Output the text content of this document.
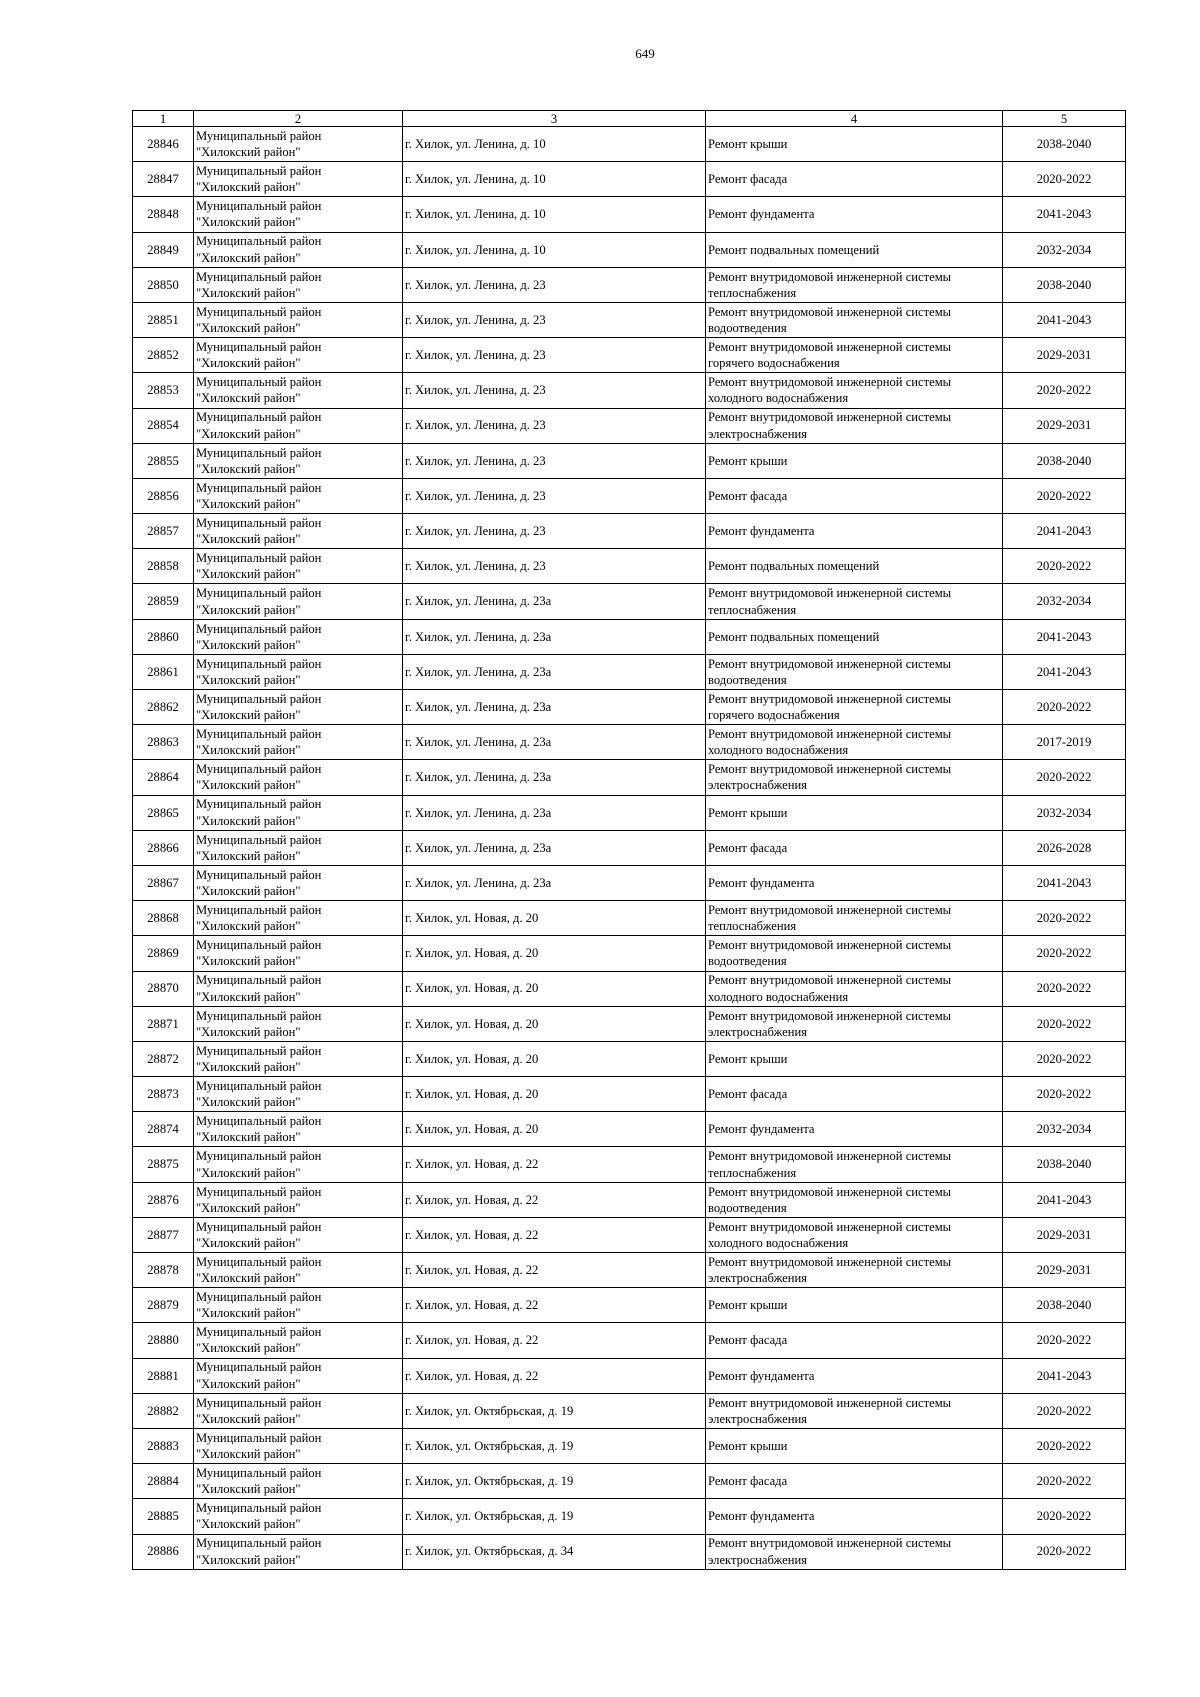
649
1	2	3	4	5
28846	Муниципальный район
"Хилокский район"	г. Хилок, ул. Ленина, д. 10	Ремонт крыши	2038-2040
28847	Муниципальный район
"Хилокский район"	г. Хилок, ул. Ленина, д. 10	Ремонт фасада	2020-2022
28848	Муниципальный район
"Хилокский район"	г. Хилок, ул. Ленина, д. 10	Ремонт фундамента	2041-2043
28849	Муниципальный район
"Хилокский район"	г. Хилок, ул. Ленина, д. 10	Ремонт подвальных помещений	2032-2034
28850	Муниципальный район
"Хилокский район"	г. Хилок, ул. Ленина, д. 23	Ремонт внутридомовой инженерной системы
теплоснабжения	2038-2040
28851	Муниципальный район
"Хилокский район"	г. Хилок, ул. Ленина, д. 23	Ремонт внутридомовой инженерной системы
водоотведения	2041-2043
28852	Муниципальный район
"Хилокский район"	г. Хилок, ул. Ленина, д. 23	Ремонт внутридомовой инженерной системы
горячего водоснабжения	2029-2031
28853	Муниципальный район
"Хилокский район"	г. Хилок, ул. Ленина, д. 23	Ремонт внутридомовой инженерной системы
холодного водоснабжения	2020-2022
28854	Муниципальный район
"Хилокский район"	г. Хилок, ул. Ленина, д. 23	Ремонт внутридомовой инженерной системы
электроснабжения	2029-2031
28855	Муниципальный район
"Хилокский район"	г. Хилок, ул. Ленина, д. 23	Ремонт крыши	2038-2040
28856	Муниципальный район
"Хилокский район"	г. Хилок, ул. Ленина, д. 23	Ремонт фасада	2020-2022
28857	Муниципальный район
"Хилокский район"	г. Хилок, ул. Ленина, д. 23	Ремонт фундамента	2041-2043
28858	Муниципальный район
"Хилокский район"	г. Хилок, ул. Ленина, д. 23	Ремонт подвальных помещений	2020-2022
28859	Муниципальный район
"Хилокский район"	г. Хилок, ул. Ленина, д. 23а	Ремонт внутридомовой инженерной системы
теплоснабжения	2032-2034
28860	Муниципальный район
"Хилокский район"	г. Хилок, ул. Ленина, д. 23а	Ремонт подвальных помещений	2041-2043
28861	Муниципальный район
"Хилокский район"	г. Хилок, ул. Ленина, д. 23а	Ремонт внутридомовой инженерной системы
водоотведения	2041-2043
28862	Муниципальный район
"Хилокский район"	г. Хилок, ул. Ленина, д. 23а	Ремонт внутридомовой инженерной системы
горячего водоснабжения	2020-2022
28863	Муниципальный район
"Хилокский район"	г. Хилок, ул. Ленина, д. 23а	Ремонт внутридомовой инженерной системы
холодного водоснабжения	2017-2019
28864	Муниципальный район
"Хилокский район"	г. Хилок, ул. Ленина, д. 23а	Ремонт внутридомовой инженерной системы
электроснабжения	2020-2022
28865	Муниципальный район
"Хилокский район"	г. Хилок, ул. Ленина, д. 23а	Ремонт крыши	2032-2034
28866	Муниципальный район
"Хилокский район"	г. Хилок, ул. Ленина, д. 23а	Ремонт фасада	2026-2028
28867	Муниципальный район
"Хилокский район"	г. Хилок, ул. Ленина, д. 23а	Ремонт фундамента	2041-2043
28868	Муниципальный район
"Хилокский район"	г. Хилок, ул. Новая, д. 20	Ремонт внутридомовой инженерной системы
теплоснабжения	2020-2022
28869	Муниципальный район
"Хилокский район"	г. Хилок, ул. Новая, д. 20	Ремонт внутридомовой инженерной системы
водоотведения	2020-2022
28870	Муниципальный район
"Хилокский район"	г. Хилок, ул. Новая, д. 20	Ремонт внутридомовой инженерной системы
холодного водоснабжения	2020-2022
28871	Муниципальный район
"Хилокский район"	г. Хилок, ул. Новая, д. 20	Ремонт внутридомовой инженерной системы
электроснабжения	2020-2022
28872	Муниципальный район
"Хилокский район"	г. Хилок, ул. Новая, д. 20	Ремонт крыши	2020-2022
28873	Муниципальный район
"Хилокский район"	г. Хилок, ул. Новая, д. 20	Ремонт фасада	2020-2022
28874	Муниципальный район
"Хилокский район"	г. Хилок, ул. Новая, д. 20	Ремонт фундамента	2032-2034
28875	Муниципальный район
"Хилокский район"	г. Хилок, ул. Новая, д. 22	Ремонт внутридомовой инженерной системы
теплоснабжения	2038-2040
28876	Муниципальный район
"Хилокский район"	г. Хилок, ул. Новая, д. 22	Ремонт внутридомовой инженерной системы
водоотведения	2041-2043
28877	Муниципальный район
"Хилокский район"	г. Хилок, ул. Новая, д. 22	Ремонт внутридомовой инженерной системы
холодного водоснабжения	2029-2031
28878	Муниципальный район
"Хилокский район"	г. Хилок, ул. Новая, д. 22	Ремонт внутридомовой инженерной системы
электроснабжения	2029-2031
28879	Муниципальный район
"Хилокский район"	г. Хилок, ул. Новая, д. 22	Ремонт крыши	2038-2040
28880	Муниципальный район
"Хилокский район"	г. Хилок, ул. Новая, д. 22	Ремонт фасада	2020-2022
28881	Муниципальный район
"Хилокский район"	г. Хилок, ул. Новая, д. 22	Ремонт фундамента	2041-2043
28882	Муниципальный район
"Хилокский район"	г. Хилок, ул. Октябрьская, д. 19	Ремонт внутридомовой инженерной системы
электроснабжения	2020-2022
28883	Муниципальный район
"Хилокский район"	г. Хилок, ул. Октябрьская, д. 19	Ремонт крыши	2020-2022
28884	Муниципальный район
"Хилокский район"	г. Хилок, ул. Октябрьская, д. 19	Ремонт фасада	2020-2022
28885	Муниципальный район
"Хилокский район"	г. Хилок, ул. Октябрьская, д. 19	Ремонт фундамента	2020-2022
28886	Муниципальный район
"Хилокский район"	г. Хилок, ул. Октябрьская, д. 34	Ремонт внутридомовой инженерной системы
электроснабжения	2020-2022
